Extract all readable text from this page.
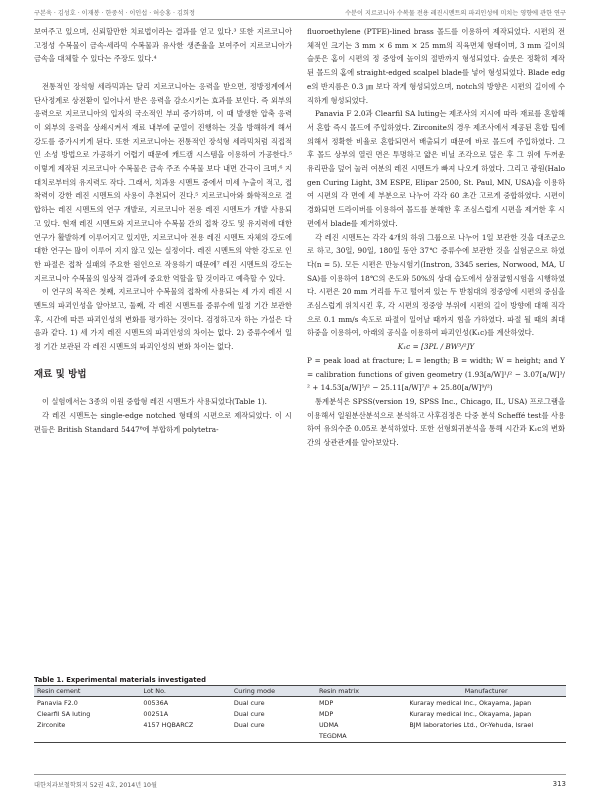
구본욱 · 김성호 · 이재봉 · 한중석 · 이인섭 · 허승홍 · 김희정	수분이 지르코니아 수복물 전용 레진시멘트의 파괴인성에 미치는 영향에 관한 연구

보여주고 있으며, 신뢰할만한 치료법이라는 결과를 얻고 있다.³ 또한 지르코니아 고정성 수복물이 금속-세라믹 수복물과 유사한 생존율을 보여주어 지르코니아가 금속을 대체할 수 있다는 주장도 있다.⁴

전통적인 장석형 세라믹과는 달리 지르코니아는 응력을 받으면, 정방정계에서 단사정계로 상전환이 일어나서 받은 응력을 감소시키는 효과를 보인다. 즉 외부의 응력으로 지르코니아의 입자의 국소적인 부피 증가하며, 이 때 발생한 압축 응력이 외부의 응력을 상쇄시켜서 재료 내부에 균열이 진행하는 것을 방해하게 해서 강도를 증가시키게 된다. 또한 지르코니아는 전통적인 장석형 세라믹처럼 직접적인 소성 방법으로 가공하기 어렵기 때문에 캐드캠 시스템을 이용하여 가공한다.⁵ 이렇게 제작된 지르코니아 수복물은 금속 주조 수복물 보다 내면 간극이 크며,⁶ 지대치로부터의 유지력도 작다. 그래서, 치과용 시멘트 중에서 미세 누출이 적고, 접착력이 강한 레진 시멘트의 사용이 추천되어 진다.⁵ 지르코니아와 화학적으로 결합하는 레진 시멘트의 연구 개발로, 지르코니아 전용 레진 시멘트가 개발 사용되고 있다. 현재 레진 시멘트와 지르코니아 수복물 간의 접착 강도 및 유지력에 대한 연구가 활발하게 이루어지고 있지만, 지르코니아 전용 레진 시멘트 자체의 강도에 대한 연구는 많이 이루어 지지 않고 있는 실정이다. 레진 시멘트의 약한 강도로 인한 파절은 접착 실패의 주요한 원인으로 작용하기 때문에⁷ 레진 시멘트의 강도는 지르코니아 수복물의 임상적 결과에 중요한 역할을 할 것이라고 예측할 수 있다.

이 연구의 목적은 첫째, 지르코니아 수복물의 접착에 사용되는 세 가지 레진 시멘트의 파괴인성을 알아보고, 둘째, 각 레진 시멘트를 증류수에 일정 기간 보관한 후, 시간에 따른 파괴인성의 변화를 평가하는 것이다. 검정하고자 하는 가설은 다음과 같다. 1) 세 가지 레진 시멘트의 파괴인성의 차이는 없다. 2) 증류수에서 일정 기간 보관된 각 레진 시멘트의 파괴인성의 변화 차이는 없다.

재료 및 방법

이 실험에서는 3종의 이원 중합형 레진 시멘트가 사용되었다(Table 1).

각 레진 시멘트는 single-edge notched 형태의 시편으로 제작되었다. 이 시편들은 British Standard 5447⁸에 부합하게 polytetra-

fluoroethylene (PTFE)-lined brass 몰드를 이용하여 제작되었다. 시편의 전체적인 크기는 3 mm × 6 mm × 25 mm의 직육면체 형태이며, 3 mm 길이의 슬롯은 홈이 시편의 정 중앙에 높이의 절반까지 형성되었다. 슬롯은 정확히 제작된 몰드의 홈에 straight-edged scalpel blade를 넣어 형성되었다. Blade edge의 반지름은 0.3 ㎛ 보다 작게 형성되었으며, notch의 방향은 시편의 길이에 수직하게 형성되었다.

Panavia F 2.0과 Clearfil SA luting는 제조사의 지시에 따라 재료를 혼합해서 혼합 즉시 몰드에 주입하였다. Zirconite의 경우 제조사에서 제공된 혼합 팁에 의해서 정확한 비율로 혼합되면서 배출되기 때문에 바로 몰드에 주입하였다. 그 후 몰드 상부의 열린 면은 투명하고 얇은 비닐 조각으로 덮은 후 그 위에 두꺼운 유리판을 덮어 눌러 여분의 레진 시멘트가 빠져 나오게 하였다. 그리고 광원(Halogen Curing Light, 3M ESPE, Elipar 2500, St. Paul, MN, USA)을 이용하여 시편의 각 면에 세 부분으로 나누어 각각 60 초간 고르게 중합하였다. 시편이 경화되면 드라이버를 이용하여 몰드를 분해한 후 조심스럽게 시편을 제거한 후 시편에서 blade를 제거하였다.

각 레진 시멘트는 각각 4개의 하위 그룹으로 나누어 1일 보관한 것을 대조군으로 하고, 30일, 90일, 180일 동안 37℃ 증류수에 보관한 것을 실험군으로 하였다(n = 5). 모든 시편은 만능시험기(Instron, 3345 series, Norwood, MA, USA)를 이용하여 18℃의 온도와 50%의 상대 습도에서 삼점굽힘시험을 시행하였다. 시편은 20 mm 거리를 두고 떨어져 있는 두 받침대의 정중앙에 시편의 중심을 조심스럽게 위치시킨 후, 각 시편의 정중앙 부위에 시편의 길이 방향에 대해 직각으로 0.1 mm/s 속도로 파절이 일어날 때까지 힘을 가하였다. 파절 될 때의 최대 하중을 이용하여, 아래의 공식을 이용하여 파괴인성(K₁c)를 계산하였다.

K₁c = [3PL / BW³/²]Y

P = peak load at fracture; L = length; B = width; W = height; and Y = calibration functions of given geometry (1.93[a/W]¹/² − 3.07[a/W]³/² + 14.53[a/W]⁵/² − 25.11[a/W]⁷/² + 25.80[a/W]⁹/²)

통계분석은 SPSS(version 19, SPSS Inc., Chicago, IL, USA) 프로그램을 이용해서 일원분산분석으로 분석하고 사후검정은 다중 분석 Scheffé test를 사용하여 유의수준 0.05로 분석하였다. 또한 선형회귀분석을 통해 시간과 K₁c의 변화간의 상관관계를 알아보았다.

Table 1. Experimental materials investigated
Resin cement	Lot No.	Curing mode	Resin matrix	Manufacturer
Panavia F2.0	00536A	Dual cure	MDP	Kuraray medical Inc., Okayama, Japan
Clearfil SA luting	00251A	Dual cure	MDP	Kuraray medical Inc., Okayama, Japan
Zirconite	4157 HQBARCZ	Dual cure	UDMA	BJM laboratories Ltd., Or-Yehuda, Israel
			TEGDMA	
대한치과보철학회지 52권 4호, 2014년 10월	313
